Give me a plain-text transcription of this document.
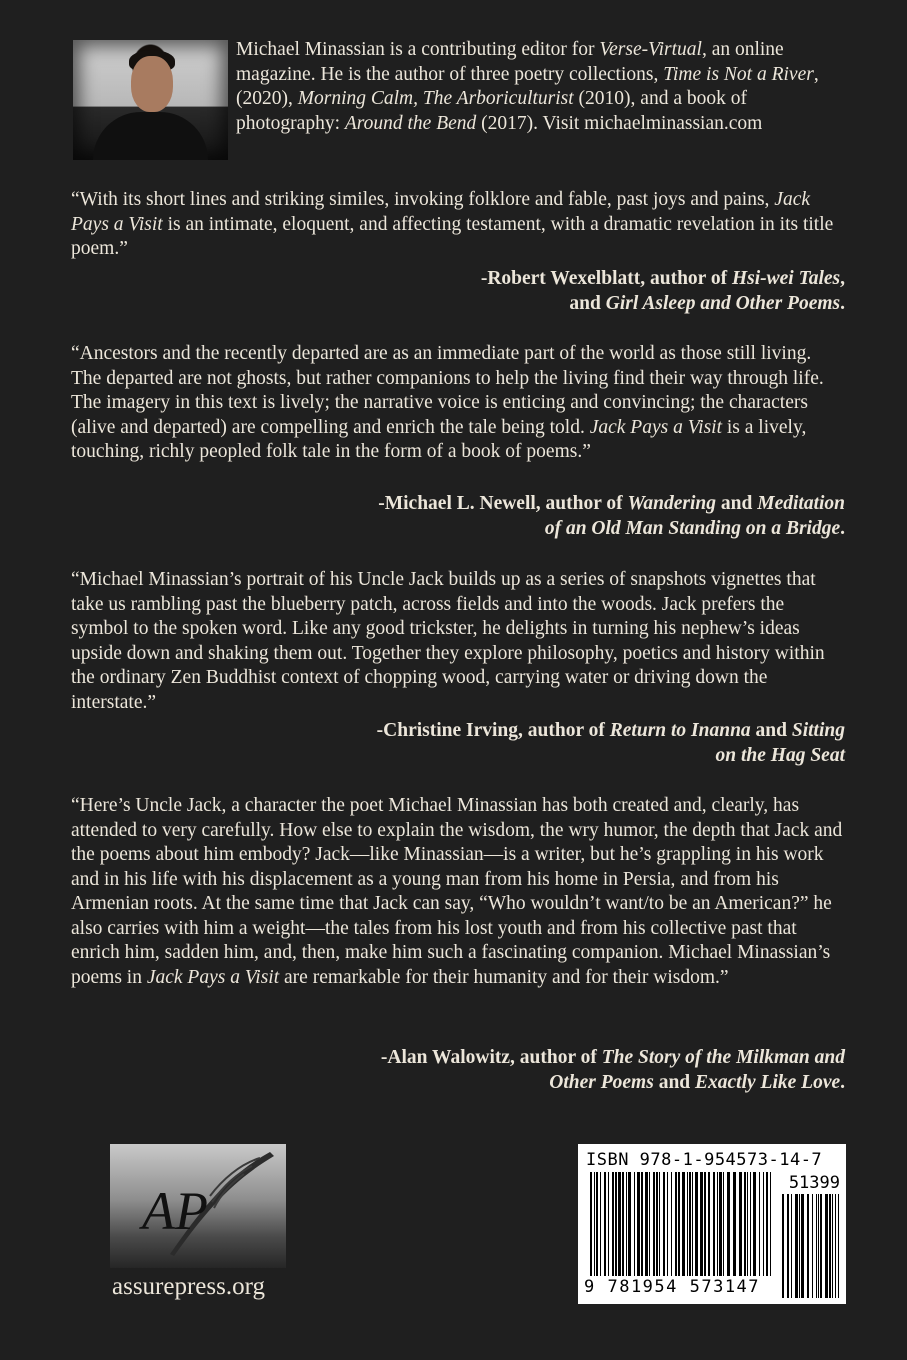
Michael Minassian is a contributing editor for Verse-Virtual, an online magazine. He is the author of three poetry collections, Time is Not a River, (2020), Morning Calm, The Arboriculturist (2010), and a book of photography: Around the Bend (2017). Visit michaelminassian.com

“With its short lines and striking similes, invoking folklore and fable, past joys and pains, Jack Pays a Visit is an intimate, eloquent, and affecting testament, with a dramatic revelation in its title poem.”

-Robert Wexelblatt, author of Hsi-wei Tales,
and Girl Asleep and Other Poems.

“Ancestors and the recently departed are as an immediate part of the world as those still living. The departed are not ghosts, but rather companions to help the living find their way through life. The imagery in this text is lively; the narrative voice is enticing and convincing; the characters (alive and departed) are compelling and enrich the tale being told. Jack Pays a Visit is a lively, touching, richly peopled folk tale in the form of a book of poems.”

-Michael L. Newell, author of Wandering and Meditation
of an Old Man Standing on a Bridge.

“Michael Minassian’s portrait of his Uncle Jack builds up as a series of snapshots vignettes that take us rambling past the blueberry patch, across fields and into the woods. Jack prefers the symbol to the spoken word. Like any good trickster, he delights in turning his nephew’s ideas upside down and shaking them out. Together they explore philosophy, poetics and history within the ordinary Zen Buddhist context of chopping wood, carrying water or driving down the interstate.”

-Christine Irving, author of Return to Inanna and Sitting
on the Hag Seat

“Here’s Uncle Jack, a character the poet Michael Minassian has both created and, clearly, has attended to very carefully. How else to explain the wisdom, the wry humor, the depth that Jack and the poems about him embody? Jack—like Minassian—is a writer, but he’s grappling in his work and in his life with his displacement as a young man from his home in Persia, and from his Armenian roots. At the same time that Jack can say, “Who wouldn’t want/to be an American?” he also carries with him a weight—the tales from his lost youth and from his collective past that enrich him, sadden him, and, then, make him such a fascinating companion. Michael Minassian’s poems in Jack Pays a Visit are remarkable for their humanity and for their wisdom.”

-Alan Walowitz, author of The Story of the Milkman and
Other Poems and Exactly Like Love.

AP
assurepress.org
ISBN 978-1-954573-14-7
51399
9 781954 573147
